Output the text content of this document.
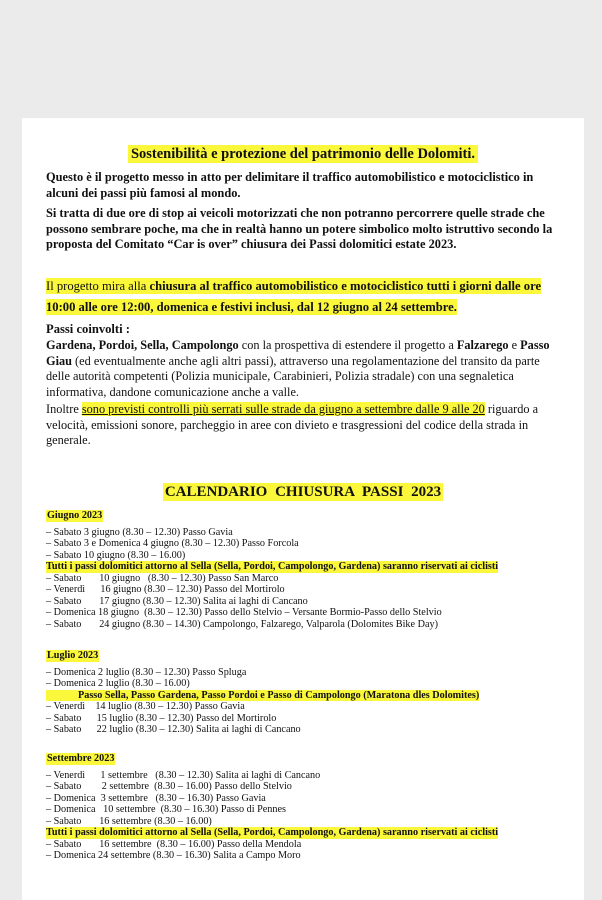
Sostenibilità e protezione del patrimonio delle Dolomiti.

Questo è il progetto messo in atto per delimitare il traffico automobilistico e motociclistico in alcuni dei passi più famosi al mondo.

Si tratta di due ore di stop ai veicoli motorizzati che non potranno percorrere quelle strade che possono sembrare poche, ma che in realtà hanno un potere simbolico molto istruttivo secondo la proposta del Comitato “Car is over” chiusura dei Passi dolomitici estate 2023.

Il progetto mira alla chiusura al traffico automobilistico e motociclistico tutti i giorni dalle ore 10:00 alle ore 12:00, domenica e festivi inclusi, dal 12 giugno al 24 settembre.

Passi coinvolti :

Gardena, Pordoi, Sella, Campolongo con la prospettiva di estendere il progetto a Falzarego e Passo Giau (ed eventualmente anche agli altri passi), attraverso una regolamentazione del transito da parte delle autorità competenti (Polizia municipale, Carabinieri, Polizia stradale) con una segnaletica informativa, dandone comunicazione anche a valle.

Inoltre sono previsti controlli più serrati sulle strade da giugno a settembre dalle 9 alle 20 riguardo a velocità, emissioni sonore, parcheggio in aree con divieto e trasgressioni del codice della strada in generale.

CALENDARIO CHIUSURA PASSI 2023
Giugno 2023
– Sabato 3 giugno (8.30 – 12.30) Passo Gavia
– Sabato 3 e Domenica 4 giugno (8.30 – 12.30) Passo Forcola
– Sabato 10 giugno (8.30 – 16.00)
Tutti i passi dolomitici attorno al Sella (Sella, Pordoi, Campolongo, Gardena) saranno riservati ai ciclisti
– Sabato       10 giugno   (8.30 – 12.30) Passo San Marco
– Venerdì      16 giugno (8.30 – 12.30) Passo del Mortirolo
– Sabato       17 giugno (8.30 – 12.30) Salita ai laghi di Cancano
– Domenica 18 giugno  (8.30 – 12.30) Passo dello Stelvio – Versante Bormio-Passo dello Stelvio
– Sabato       24 giugno (8.30 – 14.30) Campolongo, Falzarego, Valparola (Dolomites Bike Day)
Luglio 2023
– Domenica 2 luglio (8.30 – 12.30) Passo Spluga
– Domenica 2 luglio (8.30 – 16.00)
Passo Sella, Passo Gardena, Passo Pordoi e Passo di Campolongo (Maratona dles Dolomites)
– Venerdì    14 luglio (8.30 – 12.30) Passo Gavia
– Sabato      15 luglio (8.30 – 12.30) Passo del Mortirolo
– Sabato      22 luglio (8.30 – 12.30) Salita ai laghi di Cancano
Settembre 2023
– Venerdì      1 settembre   (8.30 – 12.30) Salita ai laghi di Cancano
– Sabato        2 settembre  (8.30 – 16.00) Passo dello Stelvio
– Domenica  3 settembre   (8.30 – 16.30) Passo Gavia
– Domenica   10 settembre  (8.30 – 16.30) Passo di Pennes
– Sabato       16 settembre (8.30 – 16.00)
Tutti i passi dolomitici attorno al Sella (Sella, Pordoi, Campolongo, Gardena) saranno riservati ai ciclisti
– Sabato       16 settembre  (8.30 – 16.00) Passo della Mendola
– Domenica 24 settembre (8.30 – 16.30) Salita a Campo Moro
